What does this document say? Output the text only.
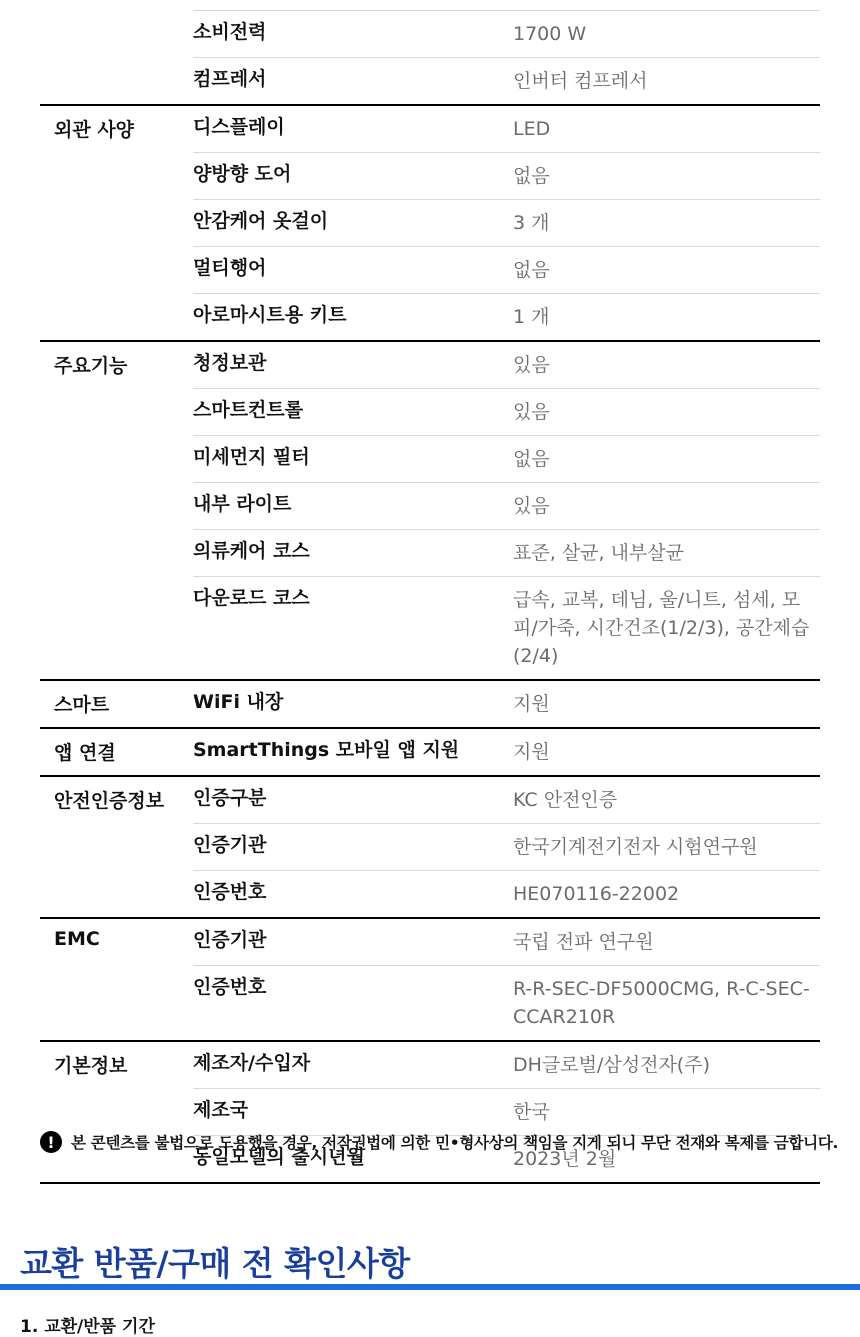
소비전력	1700 W
컴프레서	인버터 컴프레서
외관 사양	디스플레이	LED
양방향 도어	없음
안감케어 옷걸이	3 개
멀티행어	없음
아로마시트용 키트	1 개
주요기능	청정보관	있음
스마트컨트롤	있음
미세먼지 필터	없음
내부 라이트	있음
의류케어 코스	표준, 살균, 내부살균
다운로드 코스	급속, 교복, 데님, 울/니트, 섬세, 모피/가죽, 시간건조(1/2/3), 공간제습(2/4)
스마트	WiFi 내장	지원
앱 연결	SmartThings 모바일 앱 지원	지원
안전인증정보	인증구분	KC 안전인증
인증기관	한국기계전기전자 시험연구원
인증번호	HE070116-22002
EMC	인증기관	국립 전파 연구원
인증번호	R-R-SEC-DF5000CMG, R-C-SEC-CCAR210R
기본정보	제조자/수입자	DH글로벌/삼성전자(주)
제조국	한국
동일모델의 출시년월	2023년 2월
!	본 콘텐츠를 불법으로 도용했을 경우, 저작권법에 의한 민•형사상의 책임을 지게 되니 무단 전재와 복제를 금합니다.
교환 반품/구매 전 확인사항
1. 교환/반품 기간
